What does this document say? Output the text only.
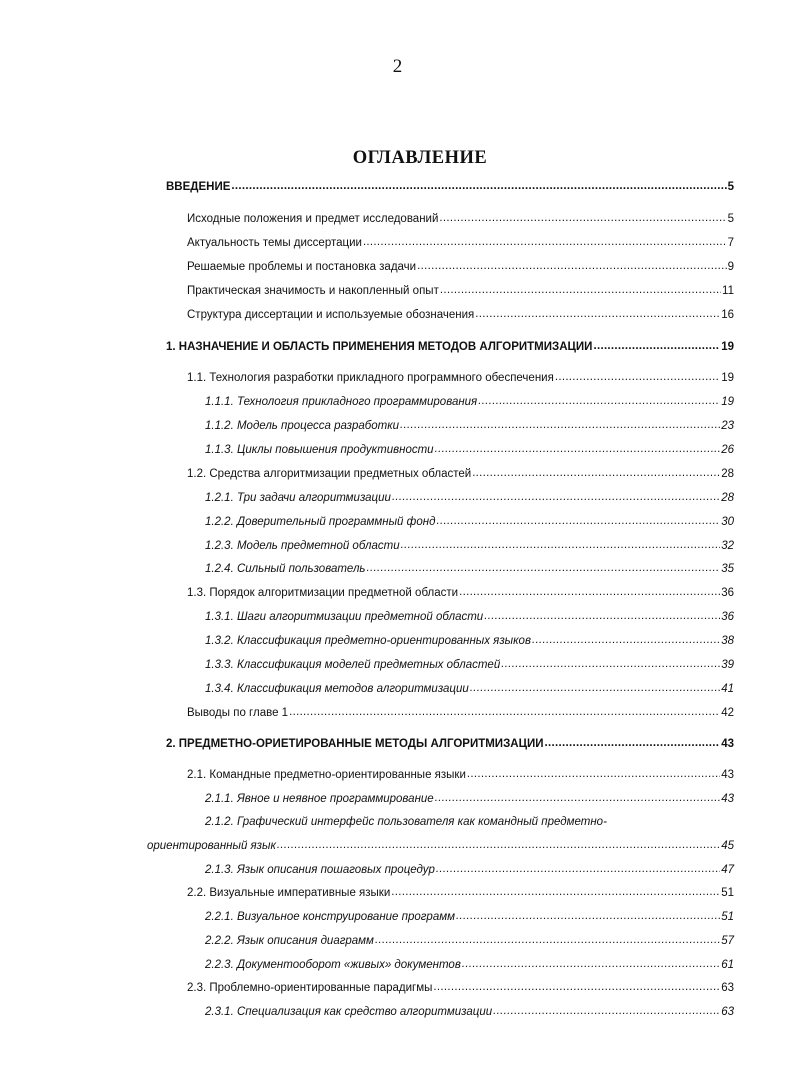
2
ОГЛАВЛЕНИЕ
ВВЕДЕНИЕ .....	5
Исходные положения и предмет исследований .....	5
Актуальность темы диссертации .....	7
Решаемые проблемы и постановка задачи .....	9
Практическая значимость и накопленный опыт .....	11
Структура диссертации и используемые обозначения .....	16
1. НАЗНАЧЕНИЕ И ОБЛАСТЬ ПРИМЕНЕНИЯ МЕТОДОВ АЛГОРИТМИЗАЦИИ .....	19
1.1. Технология разработки прикладного программного обеспечения .....	19
1.1.1. Технология прикладного программирования .....	19
1.1.2. Модель процесса разработки .....	23
1.1.3. Циклы повышения продуктивности .....	26
1.2. Средства алгоритмизации предметных областей .....	28
1.2.1. Три задачи алгоритмизации .....	28
1.2.2. Доверительный программный фонд .....	30
1.2.3. Модель предметной области .....	32
1.2.4. Сильный пользователь .....	35
1.3. Порядок алгоритмизации предметной области .....	36
1.3.1. Шаги алгоритмизации предметной области .....	36
1.3.2. Классификация предметно-ориентированных языков .....	38
1.3.3. Классификация моделей предметных областей .....	39
1.3.4. Классификация методов алгоритмизации .....	41
Выводы по главе 1 .....	42
2. ПРЕДМЕТНО-ОРИЕТИРОВАННЫЕ МЕТОДЫ АЛГОРИТМИЗАЦИИ .....	43
2.1. Командные предметно-ориентированные языки .....	43
2.1.1. Явное и неявное программирование .....	43
2.1.2. Графический интерфейс пользователя как командный предметно-
ориентированный язык .....	45
2.1.3. Язык описания пошаговых процедур .....	47
2.2. Визуальные императивные языки .....	51
2.2.1. Визуальное конструирование программ .....	51
2.2.2. Язык описания диаграмм .....	57
2.2.3. Документооборот «живых» документов .....	61
2.3. Проблемно-ориентированные парадигмы .....	63
2.3.1. Специализация как средство алгоритмизации .....	63
